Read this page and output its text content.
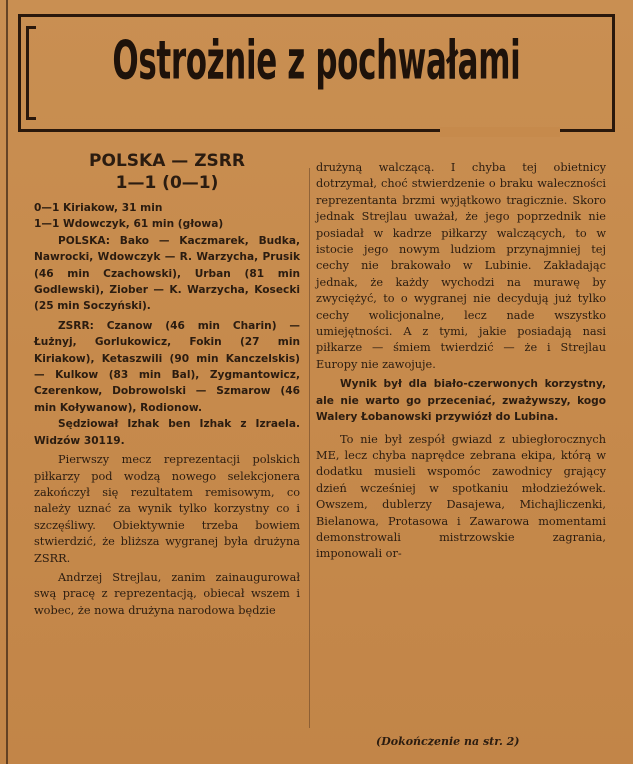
Ostrożnie z pochwałami
POLSKA — ZSRR
1—1 (0—1)

0—1 Kiriakow, 31 min

1—1 Wdowczyk, 61 min (głowa)

POLSKA: Bako — Kaczmarek, Budka, Nawrocki, Wdowczyk — R. Warzycha, Prusik (46 min Czachowski), Urban (81 min Godlewski), Ziober — K. Warzycha, Kosecki (25 min Soczyński).

ZSRR: Czanow (46 min Charin) — Łużnyj, Gorlukowicz, Fokin (27 min Kiriakow), Ketaszwili (90 min Kanczelskis) — Kulkow (83 min Bal), Zygmantowicz, Czerenkow, Dobrowolski — Szmarow (46 min Koływanow), Rodionow.

Sędziował Izhak ben Izhak z Izraela. Widzów 30119.

Pierwszy mecz reprezentacji polskich piłkarzy pod wodzą nowego selekcjonera zakończył się rezultatem remisowym, co należy uznać za wynik tylko korzystny co i szczęśliwy. Obiektywnie trzeba bowiem stwierdzić, że bliższa wygranej była drużyna ZSRR.

Andrzej Strejlau, zanim zainaugurował swą pracę z reprezentacją, obiecał wszem i wobec, że nowa drużyna narodowa będzie

drużyną walczącą. I chyba tej obietnicy dotrzymał, choć stwierdzenie o braku waleczności reprezentanta brzmi wyjątkowo tragicznie. Skoro jednak Strejlau uważał, że jego poprzednik nie posiadał w kadrze piłkarzy walczących, to w istocie jego nowym ludziom przynajmniej tej cechy nie brakowało w Lubinie. Zakładając jednak, że każdy wychodzi na murawę by zwyciężyć, to o wygranej nie decydują już tylko cechy wolicjonalne, lecz nade wszystko umiejętności. A z tymi, jakie posiadają nasi piłkarze — śmiem twierdzić — że i Strejlau Europy nie zawojuje.

Wynik był dla biało-czerwonych korzystny, ale nie warto go przeceniać, zważywszy, kogo Walery Łobanowski przywiózł do Lubina.

To nie był zespół gwiazd z ubiegłorocznych ME, lecz chyba naprędce zebrana ekipa, którą w dodatku musieli wspomóc zawodnicy grający dzień wcześniej w spotkaniu młodzieżówek. Owszem, dublerzy Dasajewa, Michajliczenki, Bielanowa, Protasowa i Zawarowa momentami demonstrowali mistrzowskie zagrania, imponowali or-

(Dokończenie na str. 2)
